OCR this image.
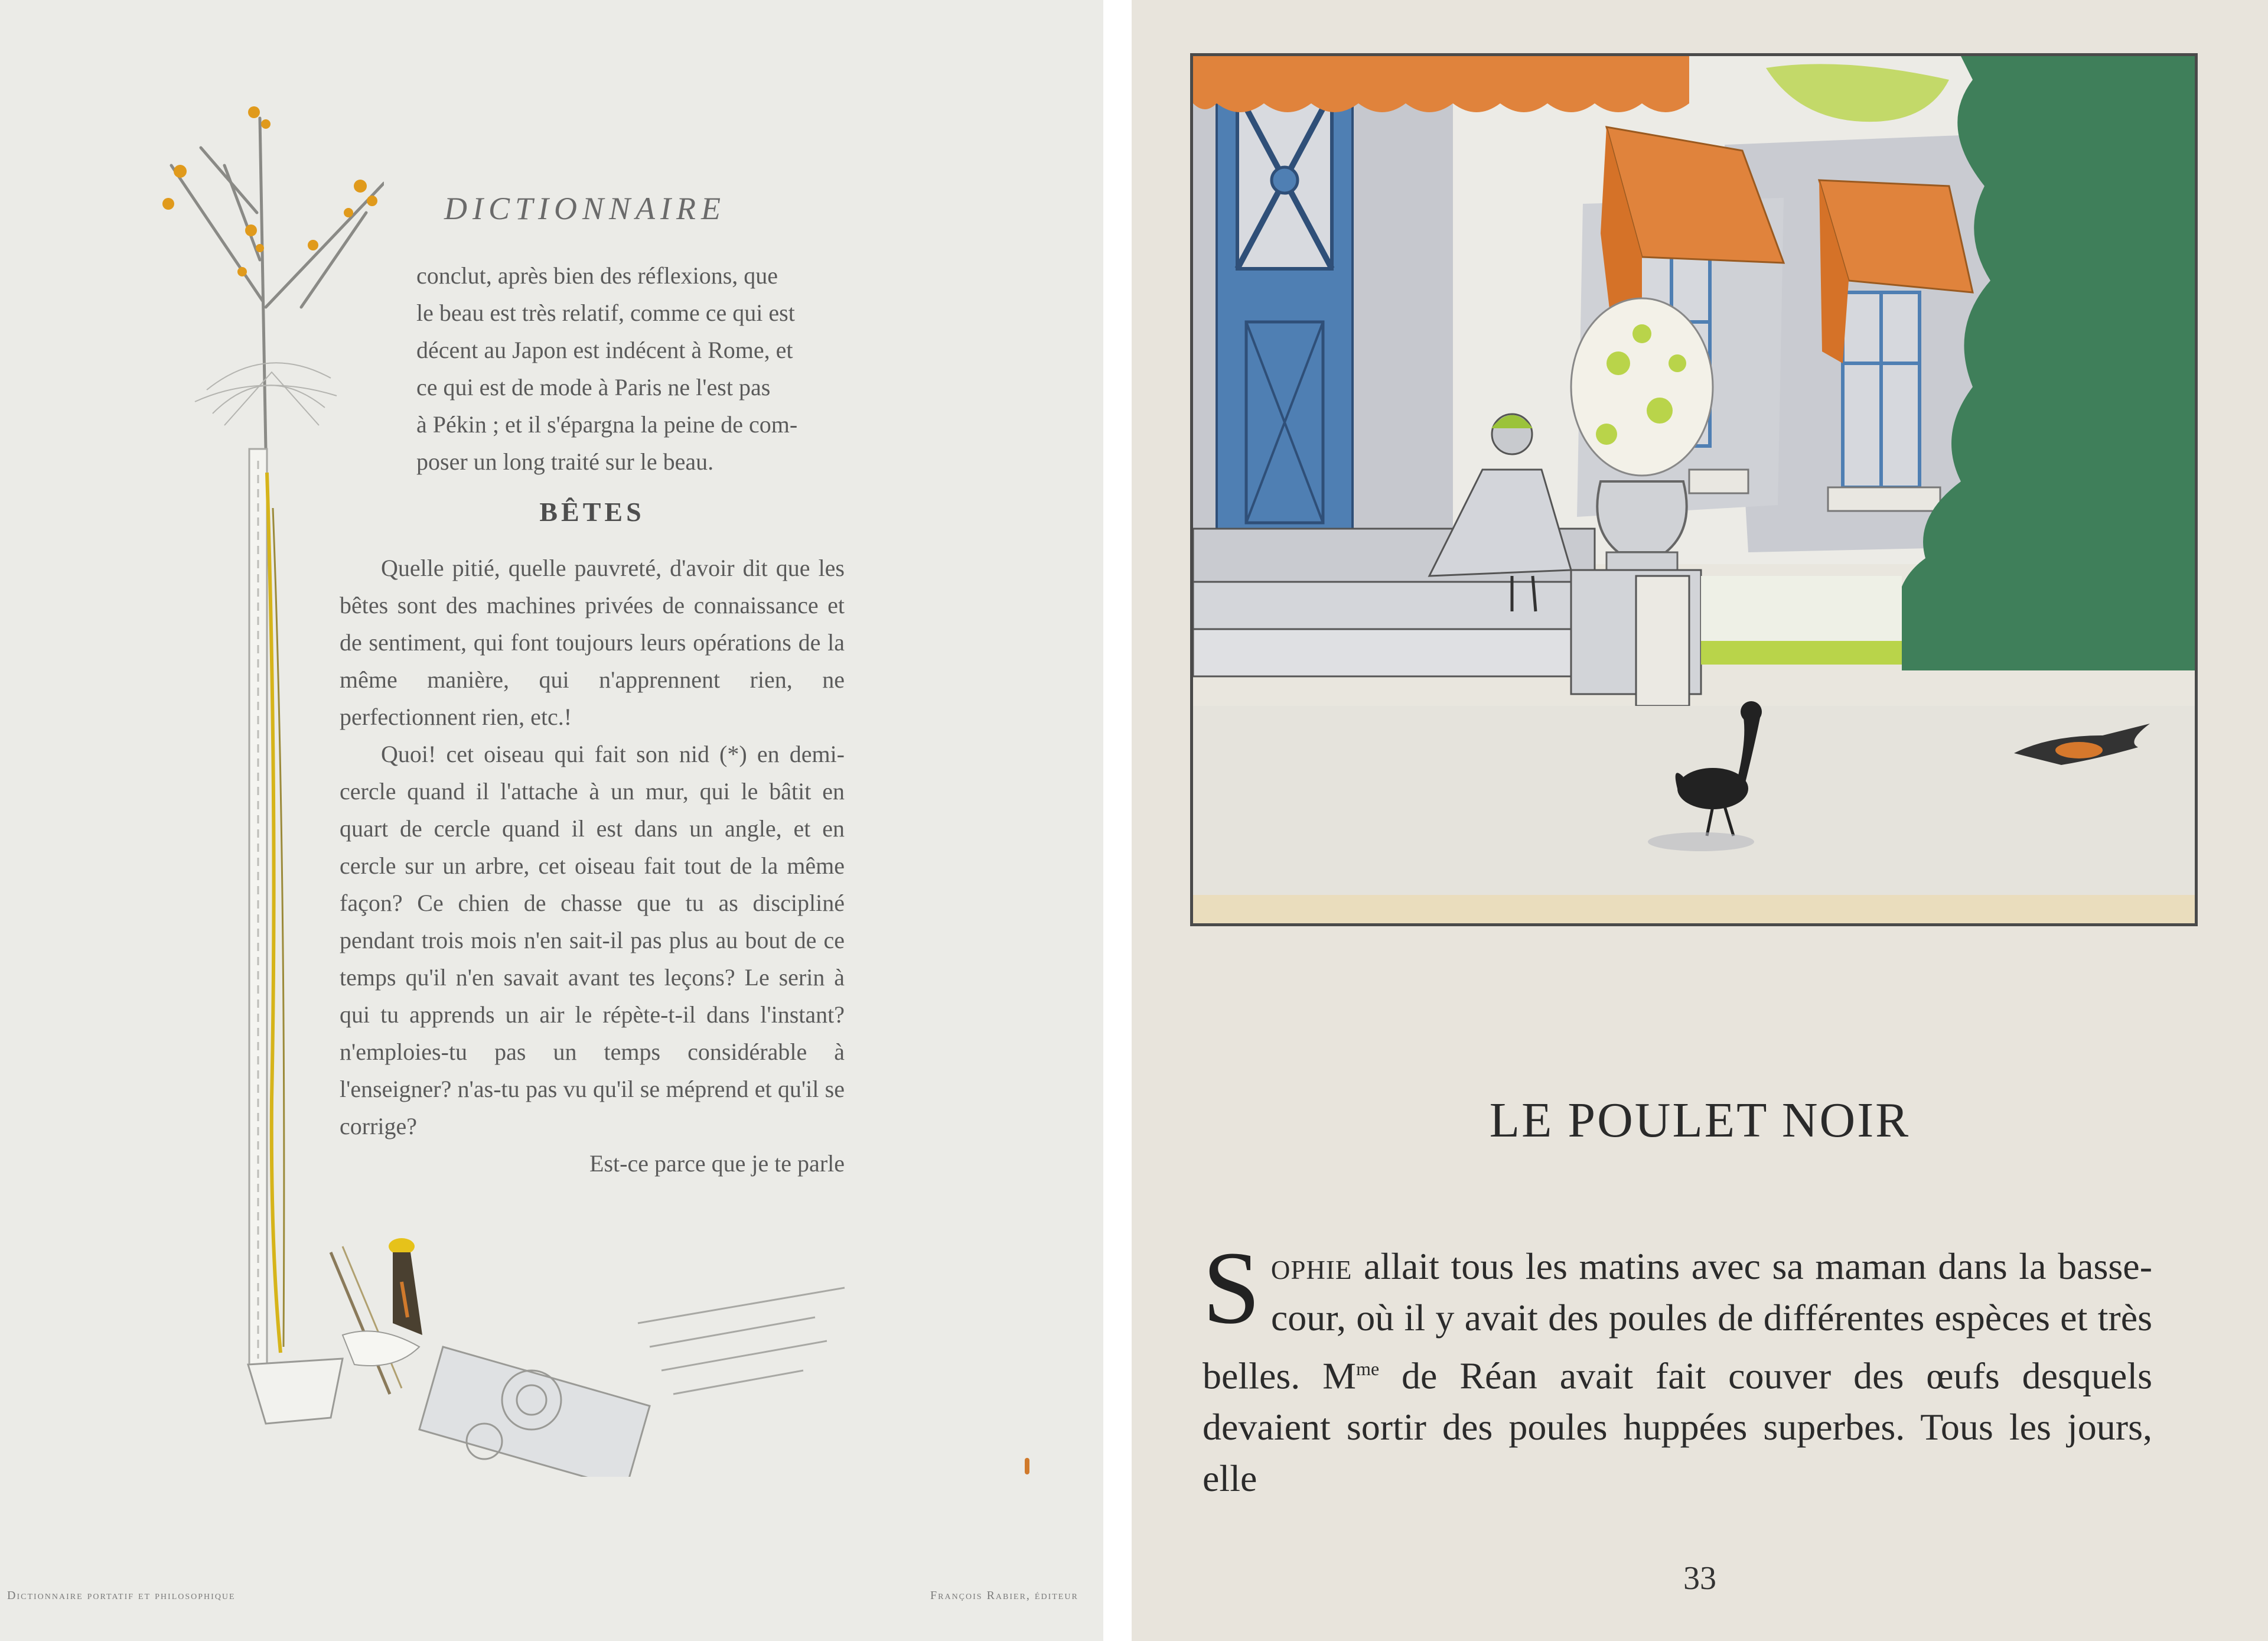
DICTIONNAIRE

conclut, après bien des réflexions, que

le beau est très relatif, comme ce qui est

décent au Japon est indécent à Rome, et

ce qui est de mode à Paris ne l'est pas

à Pékin ; et il s'épargna la peine de com-

poser un long traité sur le beau.

BÊTES

Quelle pitié, quelle pauvreté, d'avoir dit que les bêtes sont des machines privées de connaissance et de sentiment, qui font toujours leurs opérations de la même manière, qui n'apprennent rien, ne perfectionnent rien, etc.!

Quoi! cet oiseau qui fait son nid (*) en demi-cercle quand il l'attache à un mur, qui le bâtit en quart de cercle quand il est dans un angle, et en cercle sur un arbre, cet oiseau fait tout de la même façon? Ce chien de chasse que tu as discipliné pendant trois mois n'en sait-il pas plus au bout de ce temps qu'il n'en savait avant tes leçons? Le serin à qui tu apprends un air le répète-t-il dans l'instant? n'emploies-tu pas un temps considérable à l'enseigner? n'as-tu pas vu qu'il se méprend et qu'il se corrige?

Est-ce parce que je te parle

Dictionnaire portatif et philosophique	François Rabier, éditeur
LE POULET NOIR
Sophie allait tous les matins avec sa maman dans la basse-cour, où il y avait des poules de différentes espèces et très belles. $M^{me}$ de Réan avait fait couver des œufs desquels devaient sortir des poules huppées superbes. Tous les jours, elle
33
